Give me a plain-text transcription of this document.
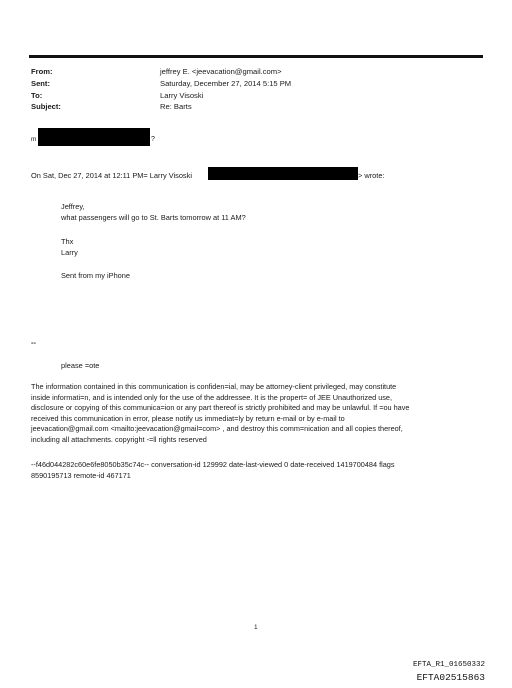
From:	jeffrey E. <jeevacation@gmail.com>
Sent:	Saturday, December 27, 2014 5:15 PM
To:	Larry Visoski
Subject:	Re: Barts
m	?
On Sat, Dec 27, 2014 at 12:11 PM= Larry Visoski	> wrote:
Jeffrey,
what passengers will go to St. Barts tomorrow at 11 AM?
Thx
Larry
Sent from my iPhone
--
please =ote
The information contained in this communication is confiden=ial, may be attorney-client privileged, may constitute
inside informati=n, and is intended only for the use of the addressee. It is the propert= of JEE Unauthorized use,
disclosure or copying of this communica=ion or any part thereof is strictly prohibited and may be unlawful. If =ou have
received this communication in error, please notify us immediat=ly by return e-mail or by e-mail to
jeevacation@gmail.com <mailto:jeevacation@gmail=com> , and destroy this comm=nication and all copies thereof,
including all attachments. copyright -=ll rights reserved
--f46d044282c60e6fe8050b35c74c-- conversation-id 129992 date-last-viewed 0 date-received 1419700484 flags
8590195713 remote-id 467171
1
EFTA_R1_01650332
EFTA02515863
